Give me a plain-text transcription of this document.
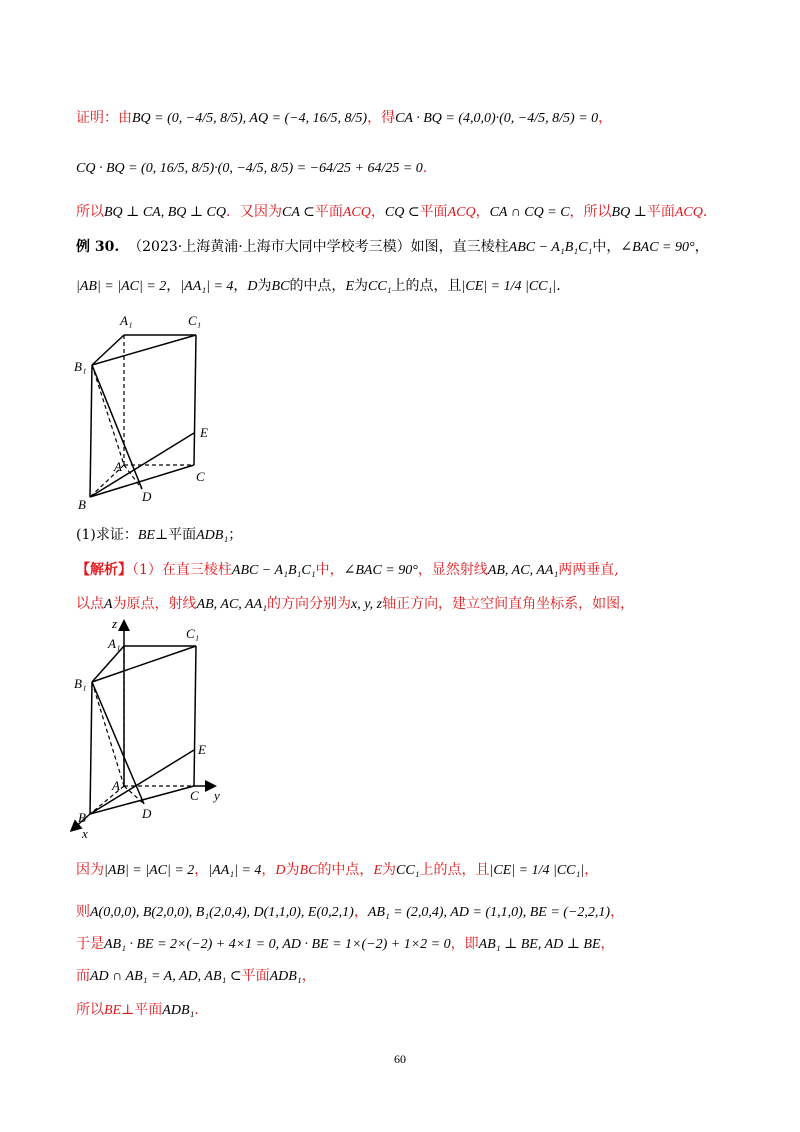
证明：由BQ = (0, −4/5, 8/5), AQ = (−4, 16/5, 8/5)，得CA · BQ = (4,0,0)·(0, −4/5, 8/5) = 0，
CQ · BQ = (0, 16/5, 8/5)·(0, −4/5, 8/5) = −64/25 + 64/25 = 0.
所以BQ ⊥ CA, BQ ⊥ CQ．又因为CA ⊂平面ACQ，CQ ⊂平面ACQ，CA ∩ CQ = C，所以BQ ⊥平面ACQ．
例 30. （2023·上海黄浦·上海市大同中学校考三模）如图，直三棱柱ABC − A₁B₁C₁中，∠BAC = 90°，
|AB| = |AC| = 2，|AA₁| = 4，D为BC的中点，E为CC₁上的点，且|CE| = 1/4 |CC₁|.
A₁	C₁
B₁
E
A
C
B
D
(1)求证：BE⊥平面ADB₁；
【解析】（1）在直三棱柱ABC − A₁B₁C₁中，∠BAC = 90°，显然射线AB, AC, AA₁两两垂直,
以点A为原点，射线AB, AC, AA₁的方向分别为x, y, z轴正方向，建立空间直角坐标系，如图，
z
A₁
C₁
B₁
E
A
C y
B	D
x
因为|AB| = |AC| = 2，|AA₁| = 4，D为BC的中点，E为CC₁上的点，且|CE| = 1/4 |CC₁|，
则A(0,0,0), B(2,0,0), B₁(2,0,4), D(1,1,0), E(0,2,1)，AB₁ = (2,0,4), AD = (1,1,0), BE = (−2,2,1)，
于是AB₁ · BE = 2×(−2) + 4×1 = 0, AD · BE = 1×(−2) + 1×2 = 0，即AB₁ ⊥ BE, AD ⊥ BE，
而AD ∩ AB₁ = A, AD, AB₁ ⊂平面ADB₁，
所以BE⊥平面ADB₁.
60
